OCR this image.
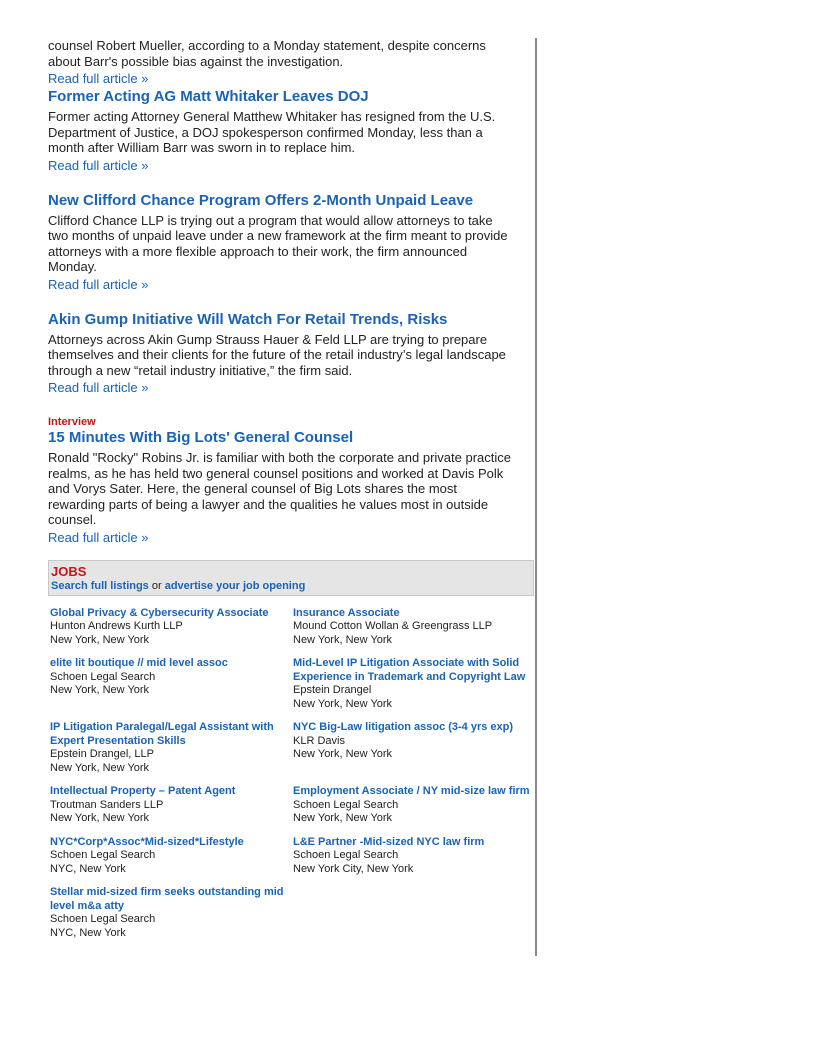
counsel Robert Mueller, according to a Monday statement, despite concerns about Barr's possible bias against the investigation.

Read full article »
Former Acting AG Matt Whitaker Leaves DOJ

Former acting Attorney General Matthew Whitaker has resigned from the U.S. Department of Justice, a DOJ spokesperson confirmed Monday, less than a month after William Barr was sworn in to replace him.

Read full article »
New Clifford Chance Program Offers 2-Month Unpaid Leave

Clifford Chance LLP is trying out a program that would allow attorneys to take two months of unpaid leave under a new framework at the firm meant to provide attorneys with a more flexible approach to their work, the firm announced Monday.

Read full article »
Akin Gump Initiative Will Watch For Retail Trends, Risks

Attorneys across Akin Gump Strauss Hauer & Feld LLP are trying to prepare themselves and their clients for the future of the retail industry’s legal landscape through a new “retail industry initiative,” the firm said.

Read full article »
Interview
15 Minutes With Big Lots' General Counsel

Ronald "Rocky" Robins Jr. is familiar with both the corporate and private practice realms, as he has held two general counsel positions and worked at Davis Polk and Vorys Sater. Here, the general counsel of Big Lots shares the most rewarding parts of being a lawyer and the qualities he values most in outside counsel.

Read full article »
JOBS
Search full listings or advertise your job opening
Global Privacy & Cybersecurity Associate
Hunton Andrews Kurth LLP
New York, New York
Insurance Associate
Mound Cotton Wollan & Greengrass LLP
New York, New York
elite lit boutique // mid level assoc
Schoen Legal Search
New York, New York
Mid-Level IP Litigation Associate with Solid Experience in Trademark and Copyright Law
Epstein Drangel
New York, New York
IP Litigation Paralegal/Legal Assistant with Expert Presentation Skills
Epstein Drangel, LLP
New York, New York
NYC Big-Law litigation assoc (3-4 yrs exp)
KLR Davis
New York, New York
Intellectual Property – Patent Agent
Troutman Sanders LLP
New York, New York
Employment Associate / NY mid-size law firm
Schoen Legal Search
New York, New York
NYC*Corp*Assoc*Mid-sized*Lifestyle
Schoen Legal Search
NYC, New York
L&E Partner -Mid-sized NYC law firm
Schoen Legal Search
New York City, New York
Stellar mid-sized firm seeks outstanding mid level m&a atty
Schoen Legal Search
NYC, New York
